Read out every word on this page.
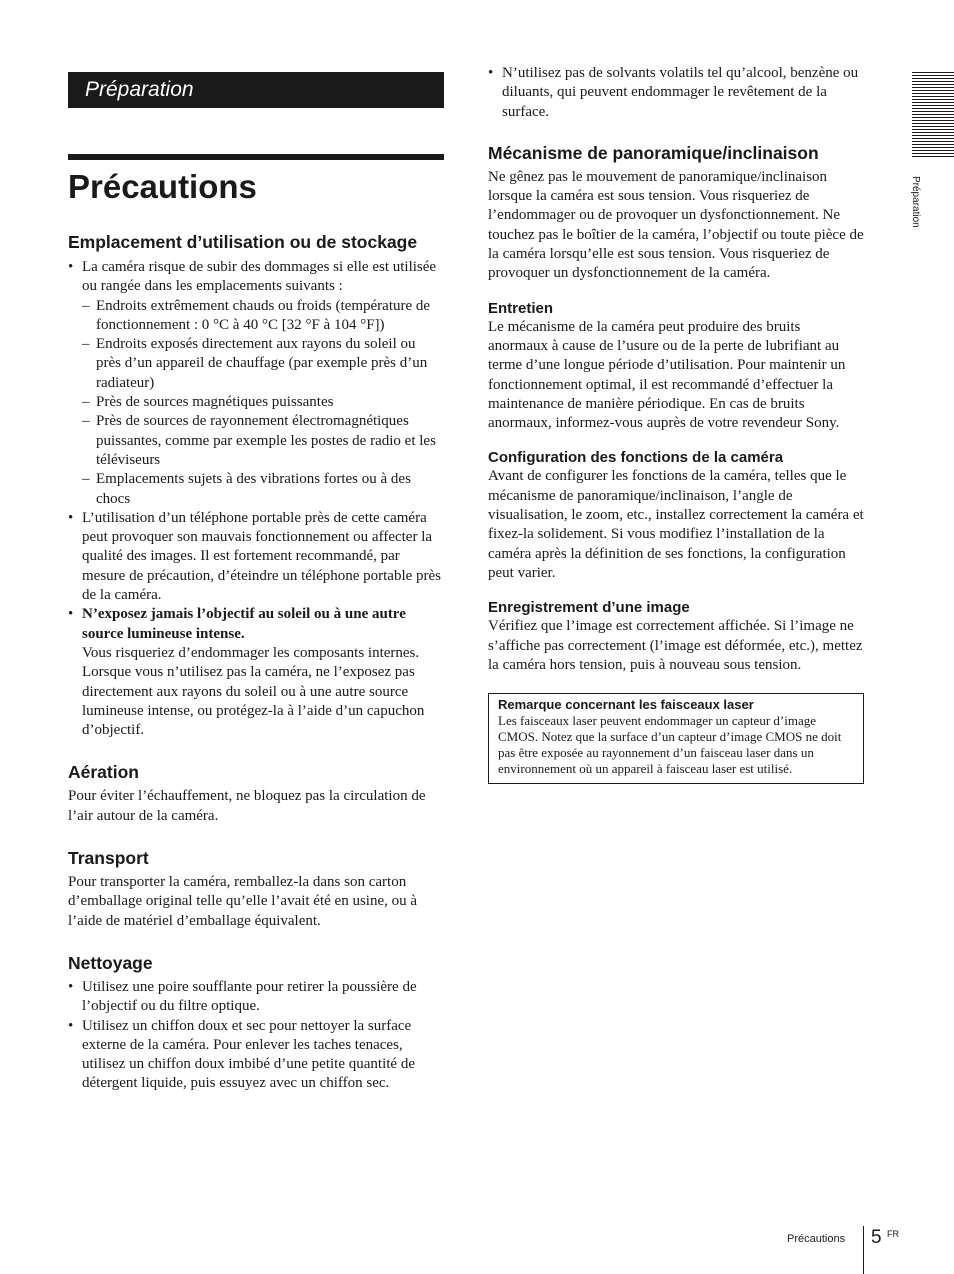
Préparation
Précautions
Emplacement d’utilisation ou de stockage
• La caméra risque de subir des dommages si elle est utilisée ou rangée dans les emplacements suivants :
– Endroits extrêmement chauds ou froids (température de fonctionnement : 0 °C à 40 °C [32 °F à 104 °F])
– Endroits exposés directement aux rayons du soleil ou près d’un appareil de chauffage (par exemple près d’un radiateur)
– Près de sources magnétiques puissantes
– Près de sources de rayonnement électromagnétiques puissantes, comme par exemple les postes de radio et les téléviseurs
– Emplacements sujets à des vibrations fortes ou à des chocs
• L’utilisation d’un téléphone portable près de cette caméra peut provoquer son mauvais fonctionnement ou affecter la qualité des images. Il est fortement recommandé, par mesure de précaution, d’éteindre un téléphone portable près de la caméra.
• N’exposez jamais l’objectif au soleil ou à une autre source lumineuse intense.
Vous risqueriez d’endommager les composants internes. Lorsque vous n’utilisez pas la caméra, ne l’exposez pas directement aux rayons du soleil ou à une autre source lumineuse intense, ou protégez-la à l’aide d’un capuchon d’objectif.
Aération

Pour éviter l’échauffement, ne bloquez pas la circulation de l’air autour de la caméra.

Transport

Pour transporter la caméra, remballez-la dans son carton d’emballage original telle qu’elle l’avait été en usine, ou à l’aide de matériel d’emballage équivalent.

Nettoyage
• Utilisez une poire soufflante pour retirer la poussière de l’objectif ou du filtre optique.
• Utilisez un chiffon doux et sec pour nettoyer la surface externe de la caméra. Pour enlever les taches tenaces, utilisez un chiffon doux imbibé d’une petite quantité de détergent liquide, puis essuyez avec un chiffon sec.
• N’utilisez pas de solvants volatils tel qu’alcool, benzène ou diluants, qui peuvent endommager le revêtement de la surface.
Mécanisme de panoramique/inclinaison

Ne gênez pas le mouvement de panoramique/inclinaison lorsque la caméra est sous tension. Vous risqueriez de l’endommager ou de provoquer un dysfonctionnement. Ne touchez pas le boîtier de la caméra, l’objectif ou toute pièce de la caméra lorsqu’elle est sous tension. Vous risqueriez de provoquer un dysfonctionnement de la caméra.

Entretien

Le mécanisme de la caméra peut produire des bruits anormaux à cause de l’usure ou de la perte de lubrifiant au terme d’une longue période d’utilisation. Pour maintenir un fonctionnement optimal, il est recommandé d’effectuer la maintenance de manière périodique. En cas de bruits anormaux, informez-vous auprès de votre revendeur Sony.

Configuration des fonctions de la caméra

Avant de configurer les fonctions de la caméra, telles que le mécanisme de panoramique/inclinaison, l’angle de visualisation, le zoom, etc., installez correctement la caméra et fixez-la solidement. Si vous modifiez l’installation de la caméra après la définition de ses fonctions, la configuration peut varier.

Enregistrement d’une image

Vérifiez que l’image est correctement affichée. Si l’image ne s’affiche pas correctement (l’image est déformée, etc.), mettez la caméra hors tension, puis à nouveau sous tension.

Remarque concernant les faisceaux laser
Les faisceaux laser peuvent endommager un capteur d’image CMOS. Notez que la surface d’un capteur d’image CMOS ne doit pas être exposée au rayonnement d’un faisceau laser dans un environnement où un appareil à faisceau laser est utilisé.
Préparation
Précautions 5 FR
